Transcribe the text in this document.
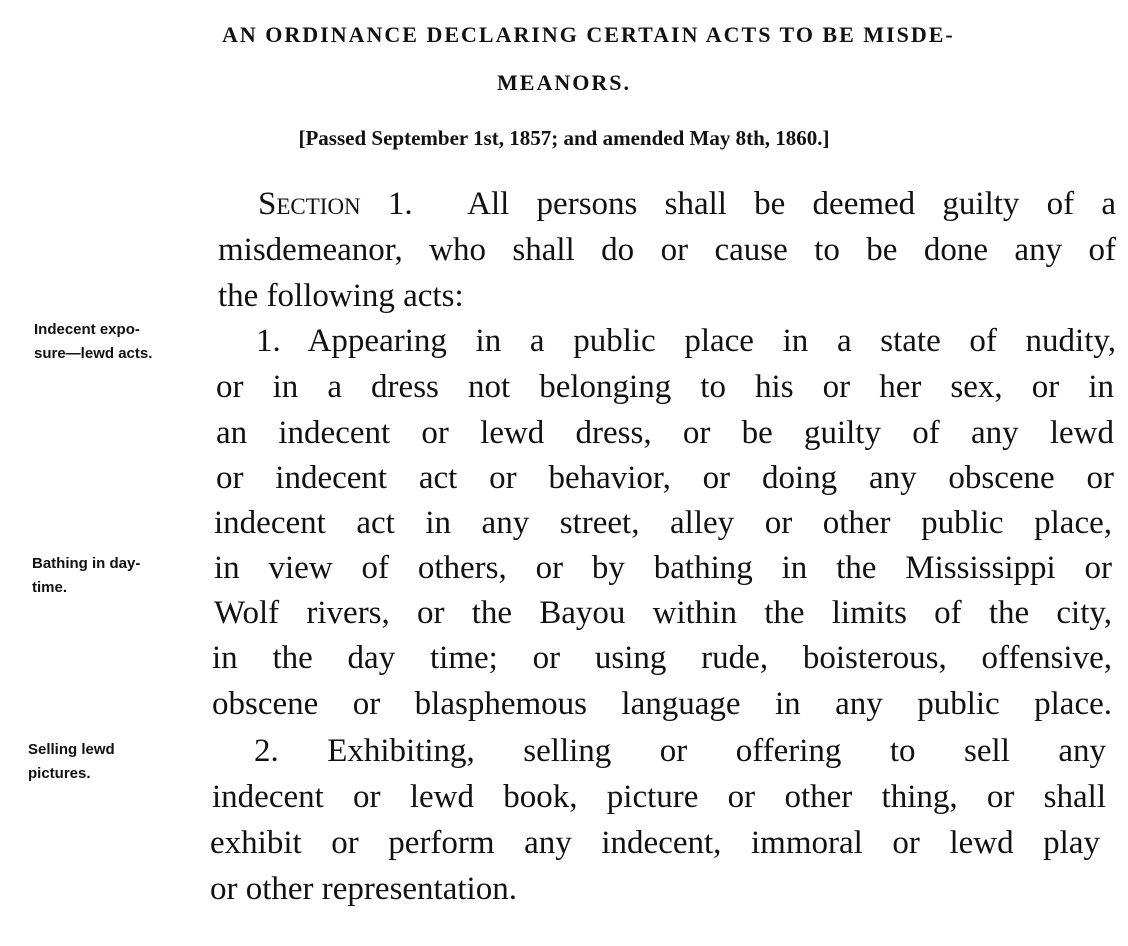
AN ORDINANCE DECLARING CERTAIN ACTS TO BE MISDE-
MEANORS.
[Passed September 1st, 1857; and amended May 8th, 1860.]
Section 1. All persons shall be deemed guilty of a
misdemeanor, who shall do or cause to be done any of
the following acts:
Indecent expo-
sure—lewd acts.	1. Appearing in a public place in a state of nudity,
or in a dress not belonging to his or her sex, or in
an indecent or lewd dress, or be guilty of any lewd
or indecent act or behavior, or doing any obscene or
indecent act in any street, alley or other public place,
Bathing in day-
time.
in view of others, or by bathing in the Mississippi or
Wolf rivers, or the Bayou within the limits of the city,
in the day time; or using rude, boisterous, offensive,
obscene or blasphemous language in any public place.
Selling lewd
pictures.
2. Exhibiting, selling or offering to sell any
indecent or lewd book, picture or other thing, or shall
exhibit or perform any indecent, immoral or lewd play
or other representation.
